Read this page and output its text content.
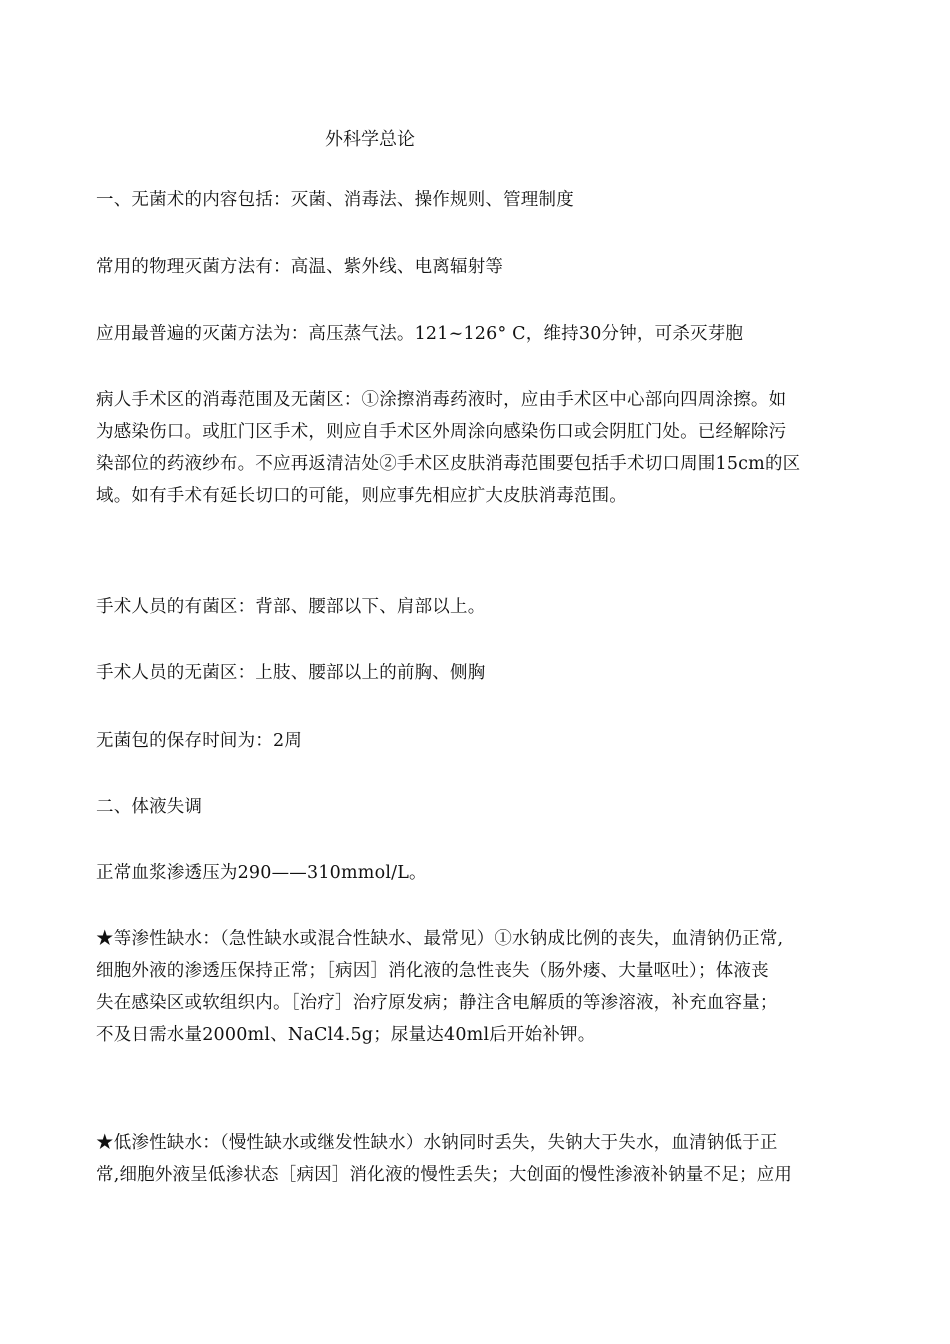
外科学总论

一、无菌术的内容包括：灭菌、消毒法、操作规则、管理制度

常用的物理灭菌方法有：高温、紫外线、电离辐射等

应用最普遍的灭菌方法为：高压蒸气法。121~126° C，维持30分钟，可杀灭芽胞

病人手术区的消毒范围及无菌区：①涂擦消毒药液时，应由手术区中心部向四周涂擦。如
为感染伤口。或肛门区手术，则应自手术区外周涂向感染伤口或会阴肛门处。已经解除污
染部位的药液纱布。不应再返清洁处②手术区皮肤消毒范围要包括手术切口周围15cm的区
域。如有手术有延长切口的可能，则应事先相应扩大皮肤消毒范围。

手术人员的有菌区：背部、腰部以下、肩部以上。

手术人员的无菌区：上肢、腰部以上的前胸、侧胸

无菌包的保存时间为：2周

二、体液失调

正常血浆渗透压为290——310mmol/L。

★等渗性缺水：（急性缺水或混合性缺水、最常见）①水钠成比例的丧失，血清钠仍正常,
细胞外液的渗透压保持正常；［病因］消化液的急性丧失（肠外瘘、大量呕吐）；体液丧
失在感染区或软组织内。［治疗］治疗原发病；静注含电解质的等渗溶液，补充血容量；
不及日需水量2000ml、NaCl4.5g；尿量达40ml后开始补钾。

★低渗性缺水：（慢性缺水或继发性缺水）水钠同时丢失，失钠大于失水，血清钠低于正
常,细胞外液呈低渗状态［病因］消化液的慢性丢失；大创面的慢性渗液补钠量不足；应用
